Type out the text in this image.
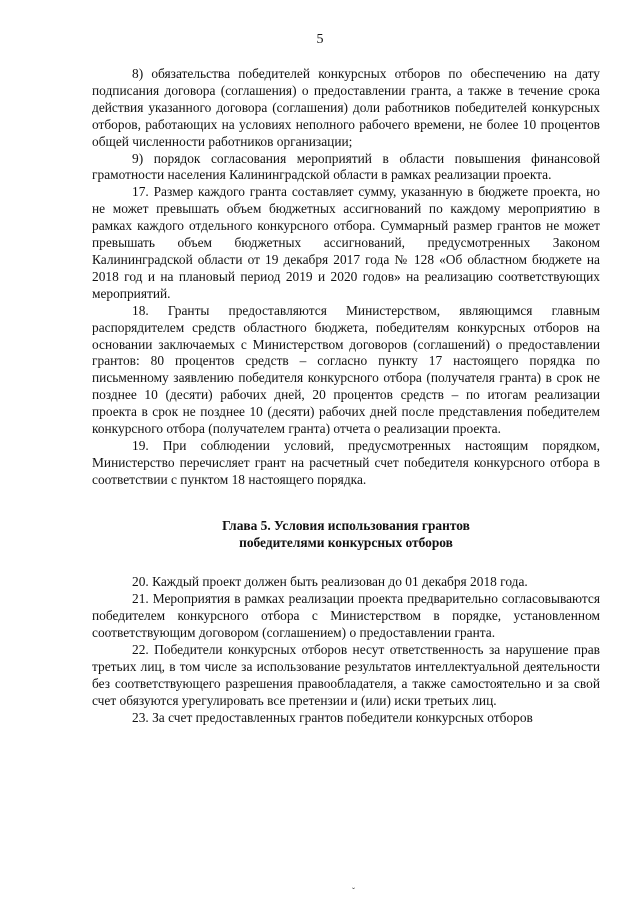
5

8) обязательства победителей конкурсных отборов по обеспечению на дату подписания договора (соглашения) о предоставлении гранта, а также в течение срока действия указанного договора (соглашения) доли работников победителей конкурсных отборов, работающих на условиях неполного рабочего времени, не более 10 процентов общей численности работников организации;

9) порядок согласования мероприятий в области повышения финансовой грамотности населения Калининградской области в рамках реализации проекта.

17. Размер каждого гранта составляет сумму, указанную в бюджете проекта, но не может превышать объем бюджетных ассигнований по каждому мероприятию в рамках каждого отдельного конкурсного отбора. Суммарный размер грантов не может превышать объем бюджетных ассигнований, предусмотренных Законом Калининградской области от 19 декабря 2017 года № 128 «Об областном бюджете на 2018 год и на плановый период 2019 и 2020 годов» на реализацию соответствующих мероприятий.

18. Гранты предоставляются Министерством, являющимся главным распорядителем средств областного бюджета, победителям конкурсных отборов на основании заключаемых с Министерством договоров (соглашений) о предоставлении грантов: 80 процентов средств – согласно пункту 17 настоящего порядка по письменному заявлению победителя конкурсного отбора (получателя гранта) в срок не позднее 10 (десяти) рабочих дней, 20 процентов средств – по итогам реализации проекта в срок не позднее 10 (десяти) рабочих дней после представления победителем конкурсного отбора (получателем гранта) отчета о реализации проекта.

19. При соблюдении условий, предусмотренных настоящим порядком, Министерство перечисляет грант на расчетный счет победителя конкурсного отбора в соответствии с пунктом 18 настоящего порядка.

Глава 5. Условия использования грантов
победителями конкурсных отборов

20. Каждый проект должен быть реализован до 01 декабря 2018 года.

21. Мероприятия в рамках реализации проекта предварительно согласовываются победителем конкурсного отбора с Министерством в порядке, установленном соответствующим договором (соглашением) о предоставлении гранта.

22. Победители конкурсных отборов несут ответственность за нарушение прав третьих лиц, в том числе за использование результатов интеллектуальной деятельности без соответствующего разрешения правообладателя, а также самостоятельно и за свой счет обязуются урегулировать все претензии и (или) иски третьих лиц.

23. За счет предоставленных грантов победители конкурсных отборов

ˇ
